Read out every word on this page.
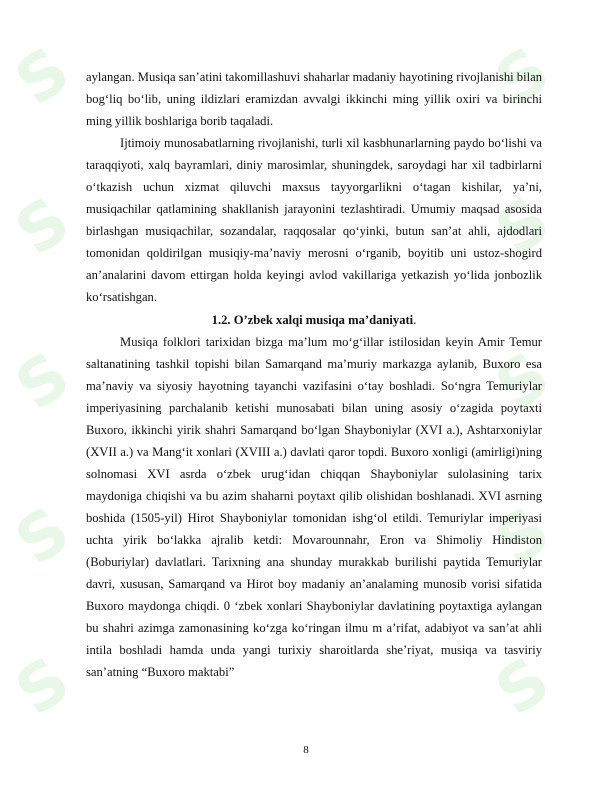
S	S
S	S
S	S
S	S
S	S

aylangan. Musiqa san’atini takomillashuvi shaharlar madaniy hayotining rivojlanishi bilan bog‘liq bo‘lib, uning ildizlari eramizdan avvalgi ikkinchi ming yillik oxiri va birinchi ming yillik boshlariga borib taqaladi.

Ijtimoiy munosabatlarning rivojlanishi, turli xil kasbhunarlarning paydo bo‘lishi va taraqqiyoti, xalq bayramlari, diniy marosimlar, shuningdek, saroydagi har xil tadbirlarni o‘tkazish uchun xizmat qiluvchi maxsus tayyorgarlikni o‘tagan kishilar, ya’ni, musiqachilar qatlamining shakllanish jarayonini tezlashtiradi. Umumiy maqsad asosida birlashgan musiqachilar, sozandalar, raqqosalar qo‘yinki, butun san’at ahli, ajdodlari tomonidan qoldirilgan musiqiy-ma’naviy merosni o‘rganib, boyitib uni ustoz-shogird an’analarini davom ettirgan holda keyingi avlod vakillariga yetkazish yo‘lida jonbozlik ko‘rsatishgan.

1.2. O’zbek xalqi musiqa ma’daniyati.

Musiqa folklori tarixidan bizga ma’lum mo‘g‘illar istilosidan keyin Amir Temur saltanatining tashkil topishi bilan Samarqand ma’muriy markazga aylanib, Buxoro esa ma’naviy va siyosiy hayotning tayanchi vazifasini o‘tay boshladi. So‘ngra Temuriylar imperiyasining parchalanib ketishi munosabati bilan uning asosiy o‘zagida poytaxti Buxoro, ikkinchi yirik shahri Samarqand bo‘lgan Shayboniylar (XVI a.), Ashtarxoniylar (XVII a.) va Mang‘it xonlari (XVIII a.) davlati qaror topdi. Buxoro xonligi (amirligi)ning solnomasi XVI asrda o‘zbek urug‘idan chiqqan Shayboniylar sulolasining tarix maydoniga chiqishi va bu azim shaharni poytaxt qilib olishidan boshlanadi. XVI asrning boshida (1505-yil) Hirot Shayboniylar tomonidan ishg‘ol etildi. Temuriylar imperiyasi uchta yirik bo‘lakka ajralib ketdi: Movarounnahr, Eron va Shimoliy Hindiston (Boburiylar) davlatlari. Tarixning ana shunday murakkab burilishi paytida Temuriylar davri, xususan, Samarqand va Hirot boy madaniy an’analaming munosib vorisi sifatida Buxoro maydonga chiqdi. 0 ‘zbek xonlari Shayboniylar davlatining poytaxtiga aylangan bu shahri azimga zamonasining ko‘zga ko‘ringan ilmu m a’rifat, adabiyot va san’at ahli intila boshladi hamda unda yangi turixiy sharoitlarda she’riyat, musiqa va tasviriy san’atning “Buxoro maktabi”

8
